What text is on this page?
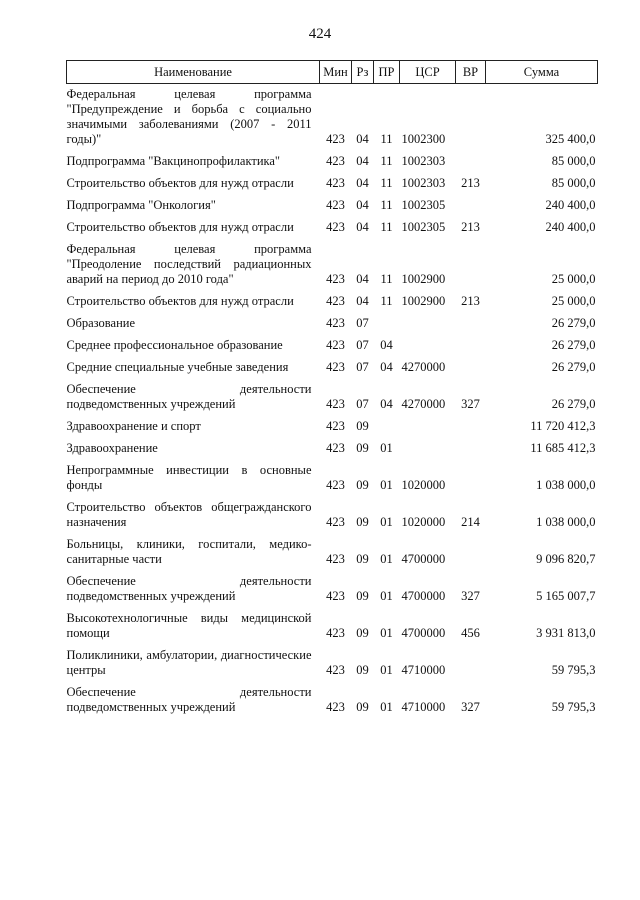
424
Наименование	Мин	Рз	ПР	ЦСР	ВР	Сумма
Федеральная целевая программа "Предупреждение и борьба с социально значимыми заболеваниями (2007 - 2011 годы)"	423	04	11	1002300		325 400,0
Подпрограмма "Вакцинопрофилактика"	423	04	11	1002303		85 000,0
Строительство объектов для нужд отрасли	423	04	11	1002303	213	85 000,0
Подпрограмма "Онкология"	423	04	11	1002305		240 400,0
Строительство объектов для нужд отрасли	423	04	11	1002305	213	240 400,0
Федеральная целевая программа "Преодоление последствий радиационных аварий на период до 2010 года"	423	04	11	1002900		25 000,0
Строительство объектов для нужд отрасли	423	04	11	1002900	213	25 000,0
Образование	423	07				26 279,0
Среднее профессиональное образование	423	07	04			26 279,0
Средние специальные учебные заведения	423	07	04	4270000		26 279,0
Обеспечение деятельности подведомственных учреждений	423	07	04	4270000	327	26 279,0
Здравоохранение и спорт	423	09				11 720 412,3
Здравоохранение	423	09	01			11 685 412,3
Непрограммные инвестиции в основные фонды	423	09	01	1020000		1 038 000,0
Строительство объектов общегражданского назначения	423	09	01	1020000	214	1 038 000,0
Больницы, клиники, госпитали, медико-санитарные части	423	09	01	4700000		9 096 820,7
Обеспечение деятельности подведомственных учреждений	423	09	01	4700000	327	5 165 007,7
Высокотехнологичные виды медицинской помощи	423	09	01	4700000	456	3 931 813,0
Поликлиники, амбулатории, диагностические центры	423	09	01	4710000		59 795,3
Обеспечение деятельности подведомственных учреждений	423	09	01	4710000	327	59 795,3
